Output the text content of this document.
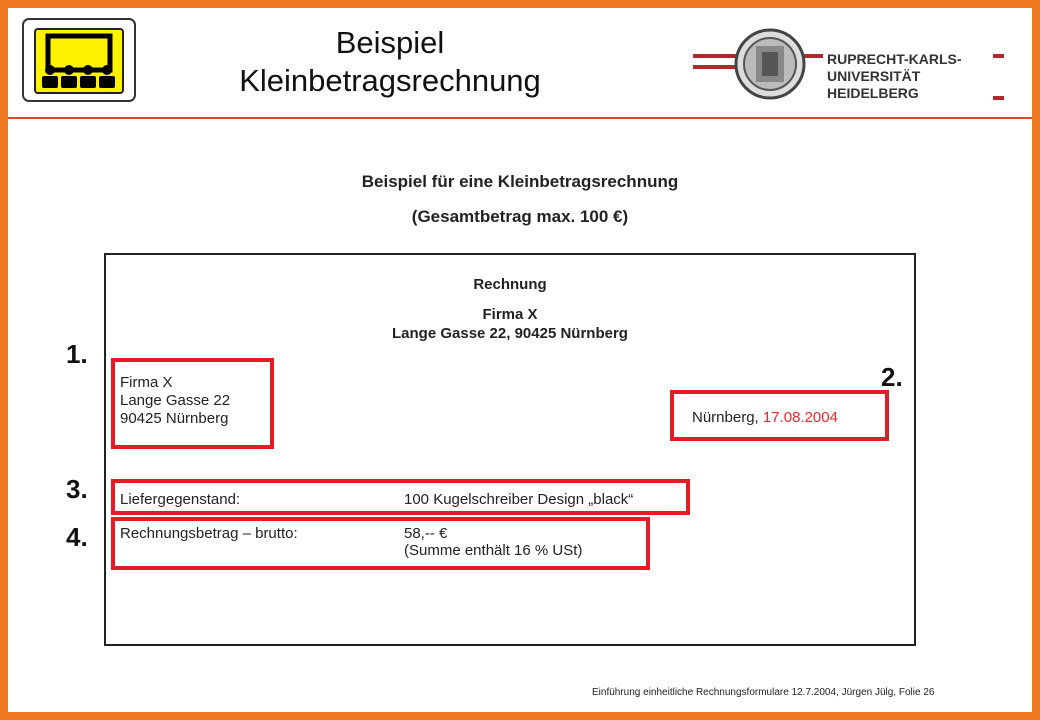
Beispiel
Kleinbetragsrechnung
RUPRECHT-KARLS-
UNIVERSITÄT
HEIDELBERG
Beispiel für eine Kleinbetragsrechnung
(Gesamtbetrag max. 100 €)
Rechnung
Firma X
Lange Gasse 22, 90425 Nürnberg
Firma X
Lange Gasse 22
90425 Nürnberg	Nürnberg, 17.08.2004
Liefergegenstand:	100 Kugelschreiber Design „black“
Rechnungsbetrag – brutto:	58,-- €
(Summe enthält 16 % USt)
1.
2.
3.
4.
Einführung einheitliche Rechnungsformulare 12.7.2004, Jürgen Jülg, Folie 26
